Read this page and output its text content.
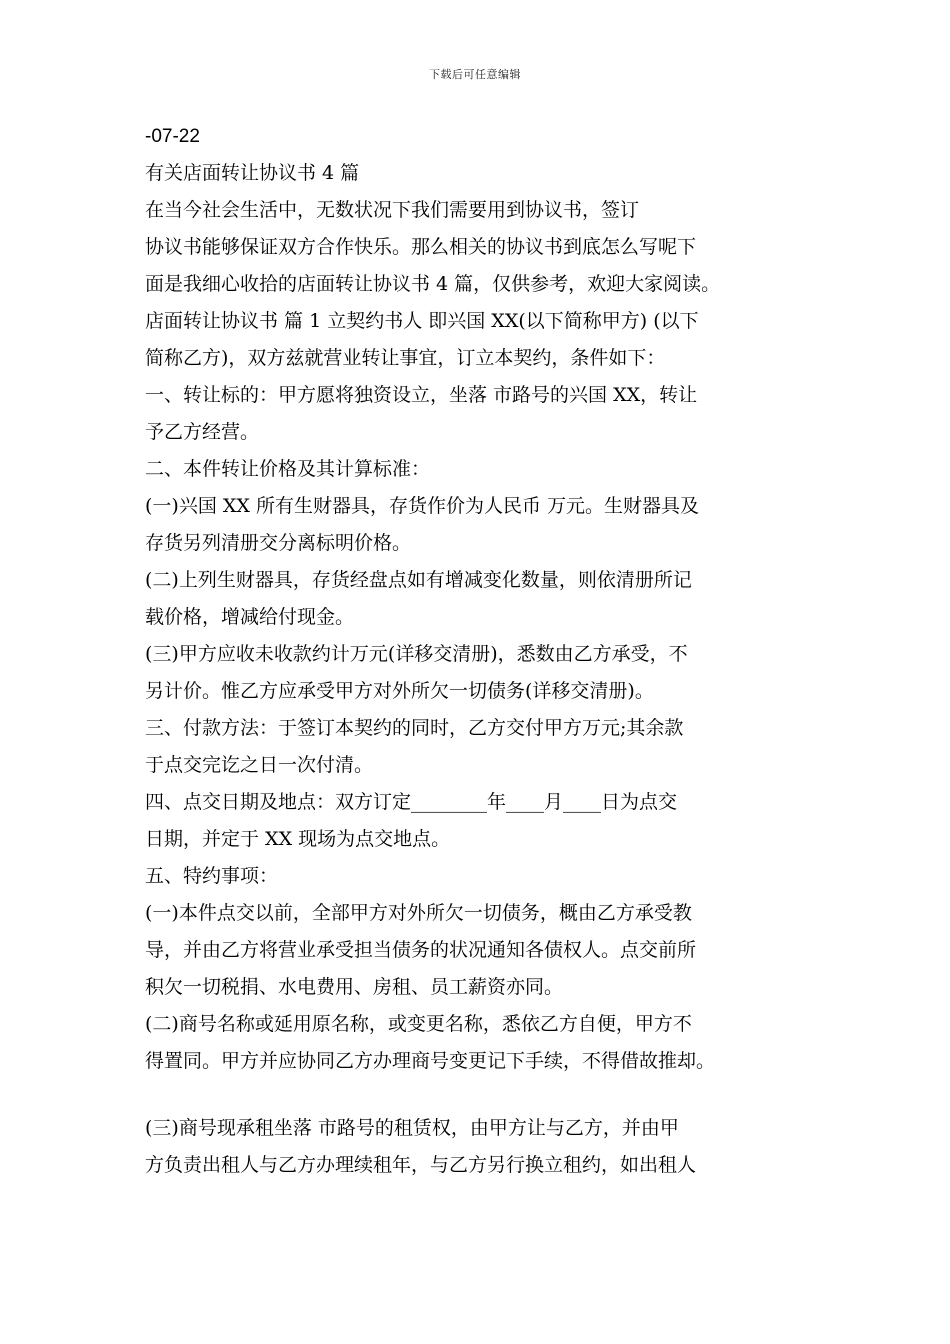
下载后可任意编辑
-07-22
有关店面转让协议书 4 篇
在当今社会生活中，无数状况下我们需要用到协议书，签订
协议书能够保证双方合作快乐。那么相关的协议书到底怎么写呢下
面是我细心收拾的店面转让协议书 4 篇，仅供参考，欢迎大家阅读。
店面转让协议书 篇 1 立契约书人 即兴国 XX(以下简称甲方) (以下
简称乙方)，双方兹就营业转让事宜，订立本契约，条件如下：
一、转让标的：甲方愿将独资设立，坐落 市路号的兴国 XX，转让
予乙方经营。
二、本件转让价格及其计算标准：
(一)兴国 XX 所有生财器具，存货作价为人民币 万元。生财器具及
存货另列清册交分离标明价格。
(二)上列生财器具，存货经盘点如有增减变化数量，则依清册所记
载价格，增减给付现金。
(三)甲方应收未收款约计万元(详移交清册)，悉数由乙方承受，不
另计价。惟乙方应承受甲方对外所欠一切债务(详移交清册)。
三、付款方法：于签订本契约的同时，乙方交付甲方万元;其余款
于点交完讫之日一次付清。
四、点交日期及地点：双方订定________年____月____日为点交
日期，并定于 XX 现场为点交地点。
五、特约事项：
(一)本件点交以前，全部甲方对外所欠一切债务，概由乙方承受教
导，并由乙方将营业承受担当债务的状况通知各债权人。点交前所
积欠一切税捐、水电费用、房租、员工薪资亦同。
(二)商号名称或延用原名称，或变更名称，悉依乙方自便，甲方不
得置同。甲方并应协同乙方办理商号变更记下手续，不得借故推却。
(三)商号现承租坐落 市路号的租赁权，由甲方让与乙方，并由甲
方负责出租人与乙方办理续租年，与乙方另行换立租约，如出租人
